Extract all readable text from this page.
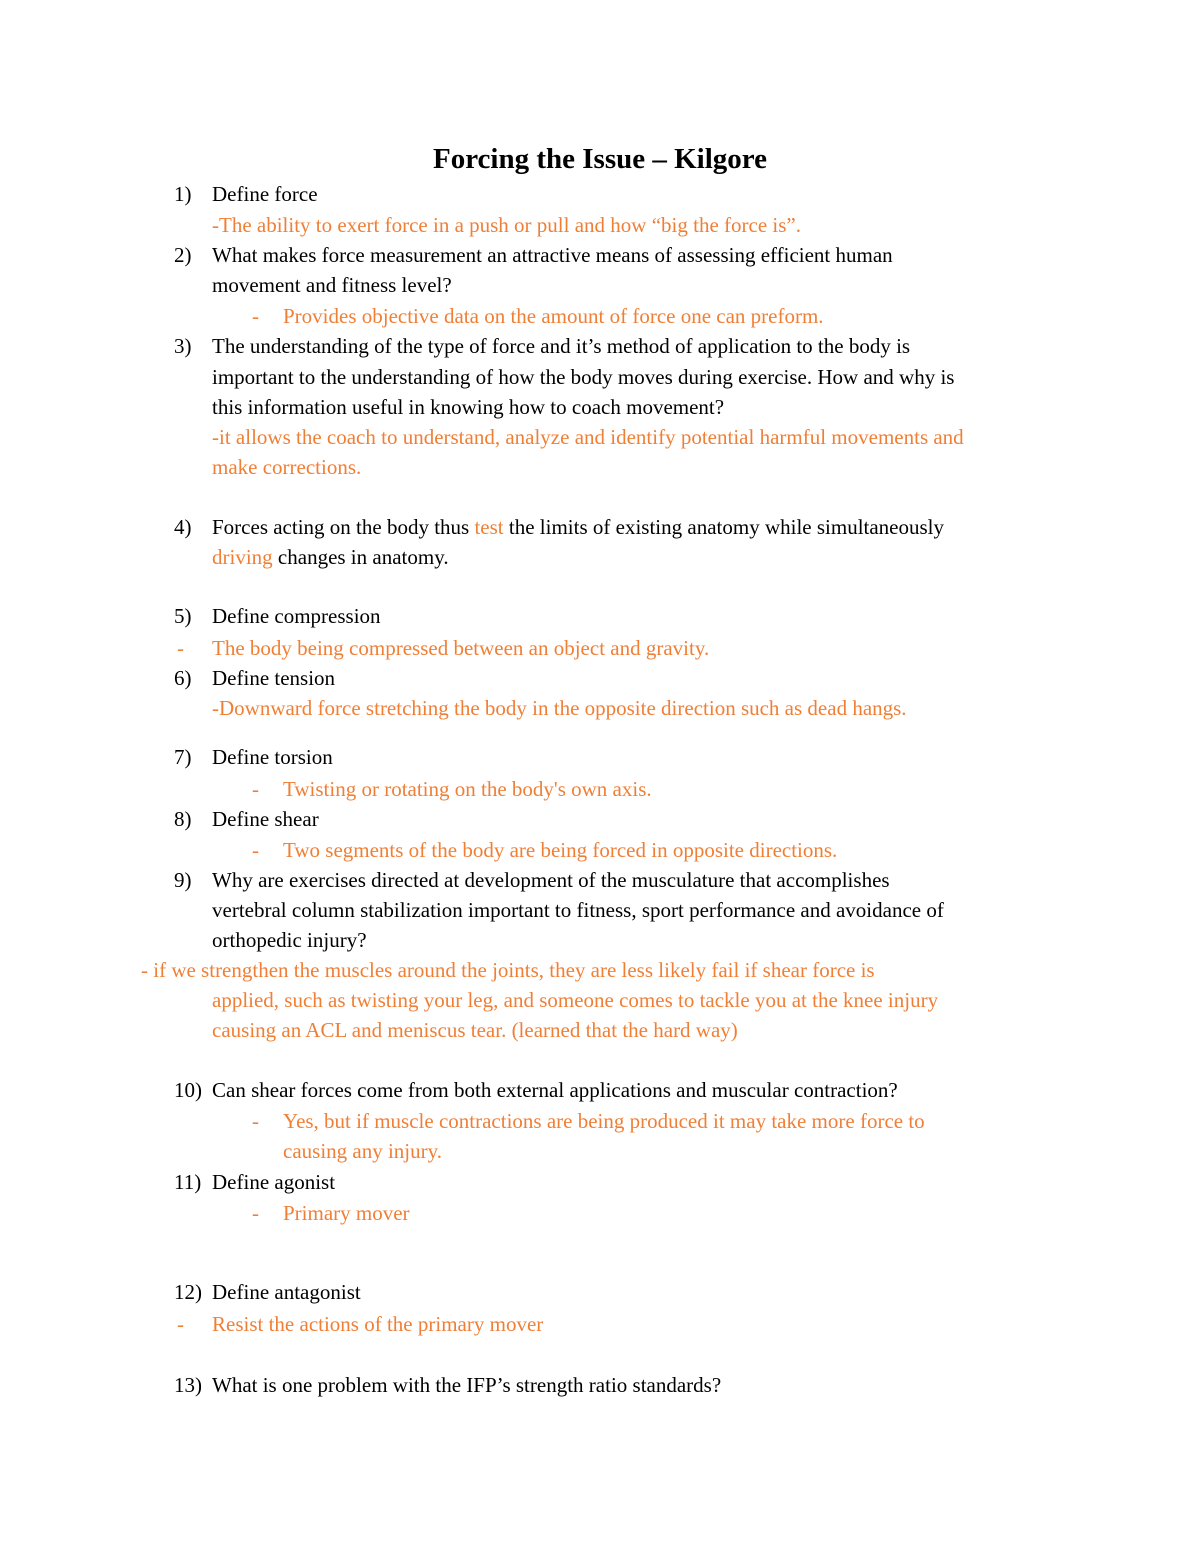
Forcing the Issue – Kilgore
1) Define force
-The ability to exert force in a push or pull and how “big the force is”.
2) What makes force measurement an attractive means of assessing efficient human
movement and fitness level?
- Provides objective data on the amount of force one can preform.
3) The understanding of the type of force and it’s method of application to the body is
important to the understanding of how the body moves during exercise. How and why is
this information useful in knowing how to coach movement?
-it allows the coach to understand, analyze and identify potential harmful movements and
make corrections.
4) Forces acting on the body thus test the limits of existing anatomy while simultaneously
driving changes in anatomy.
5) Define compression
- The body being compressed between an object and gravity.
6) Define tension
-Downward force stretching the body in the opposite direction such as dead hangs.
7) Define torsion
- Twisting or rotating on the body's own axis.
8) Define shear
- Two segments of the body are being forced in opposite directions.
9) Why are exercises directed at development of the musculature that accomplishes
vertebral column stabilization important to fitness, sport performance and avoidance of
orthopedic injury?
- if we strengthen the muscles around the joints, they are less likely fail if shear force is
applied, such as twisting your leg, and someone comes to tackle you at the knee injury
causing an ACL and meniscus tear. (learned that the hard way)
10) Can shear forces come from both external applications and muscular contraction?
- Yes, but if muscle contractions are being produced it may take more force to
causing any injury.
11) Define agonist
- Primary mover
12) Define antagonist
- Resist the actions of the primary mover
13) What is one problem with the IFP’s strength ratio standards?
